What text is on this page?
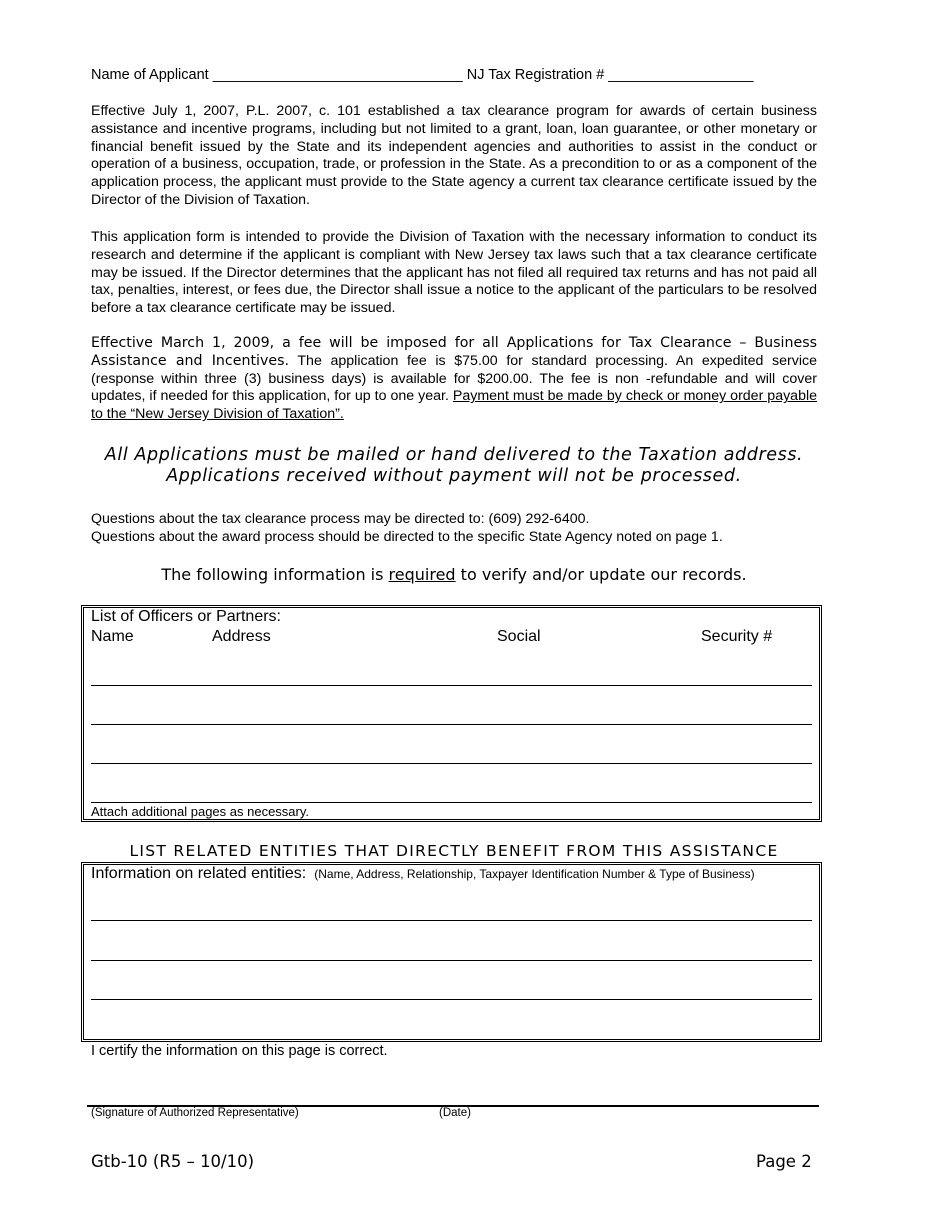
Name of Applicant _______________________________ NJ Tax Registration # __________________

Effective July 1, 2007, P.L. 2007, c. 101 established a tax clearance program for awards of certain business assistance and incentive programs, including but not limited to a grant, loan, loan guarantee, or other monetary or financial benefit issued by the State and its independent agencies and authorities to assist in the conduct or operation of a business, occupation, trade, or profession in the State. As a precondition to or as a component of the application process, the applicant must provide to the State agency a current tax clearance certificate issued by the Director of the Division of Taxation.

This application form is intended to provide the Division of Taxation with the necessary information to conduct its research and determine if the applicant is compliant with New Jersey tax laws such that a tax clearance certificate may be issued. If the Director determines that the applicant has not filed all required tax returns and has not paid all tax, penalties, interest, or fees due, the Director shall issue a notice to the applicant of the particulars to be resolved before a tax clearance certificate may be issued.

Effective March 1, 2009, a fee will be imposed for all Applications for Tax Clearance – Business Assistance and Incentives. The application fee is $75.00 for standard processing. An expedited service (response within three (3) business days) is available for $200.00. The fee is non -refundable and will cover updates, if needed for this application, for up to one year. Payment must be made by check or money order payable to the “New Jersey Division of Taxation”.

All Applications must be mailed or hand delivered to the Taxation address.
Applications received without payment will not be processed.
Questions about the tax clearance process may be directed to: (609) 292-6400.
Questions about the award process should be directed to the specific State Agency noted on page 1.
The following information is required to verify and/or update our records.
List of Officers or Partners:
Name	Address	Social	Security #
Attach additional pages as necessary.
LIST RELATED ENTITIES THAT DIRECTLY BENEFIT FROM THIS ASSISTANCE
Information on related entities: (Name, Address, Relationship, Taxpayer Identification Number & Type of Business)
I certify the information on this page is correct.
(Signature of Authorized Representative)	(Date)
Gtb-10 (R5 – 10/10)	Page 2
